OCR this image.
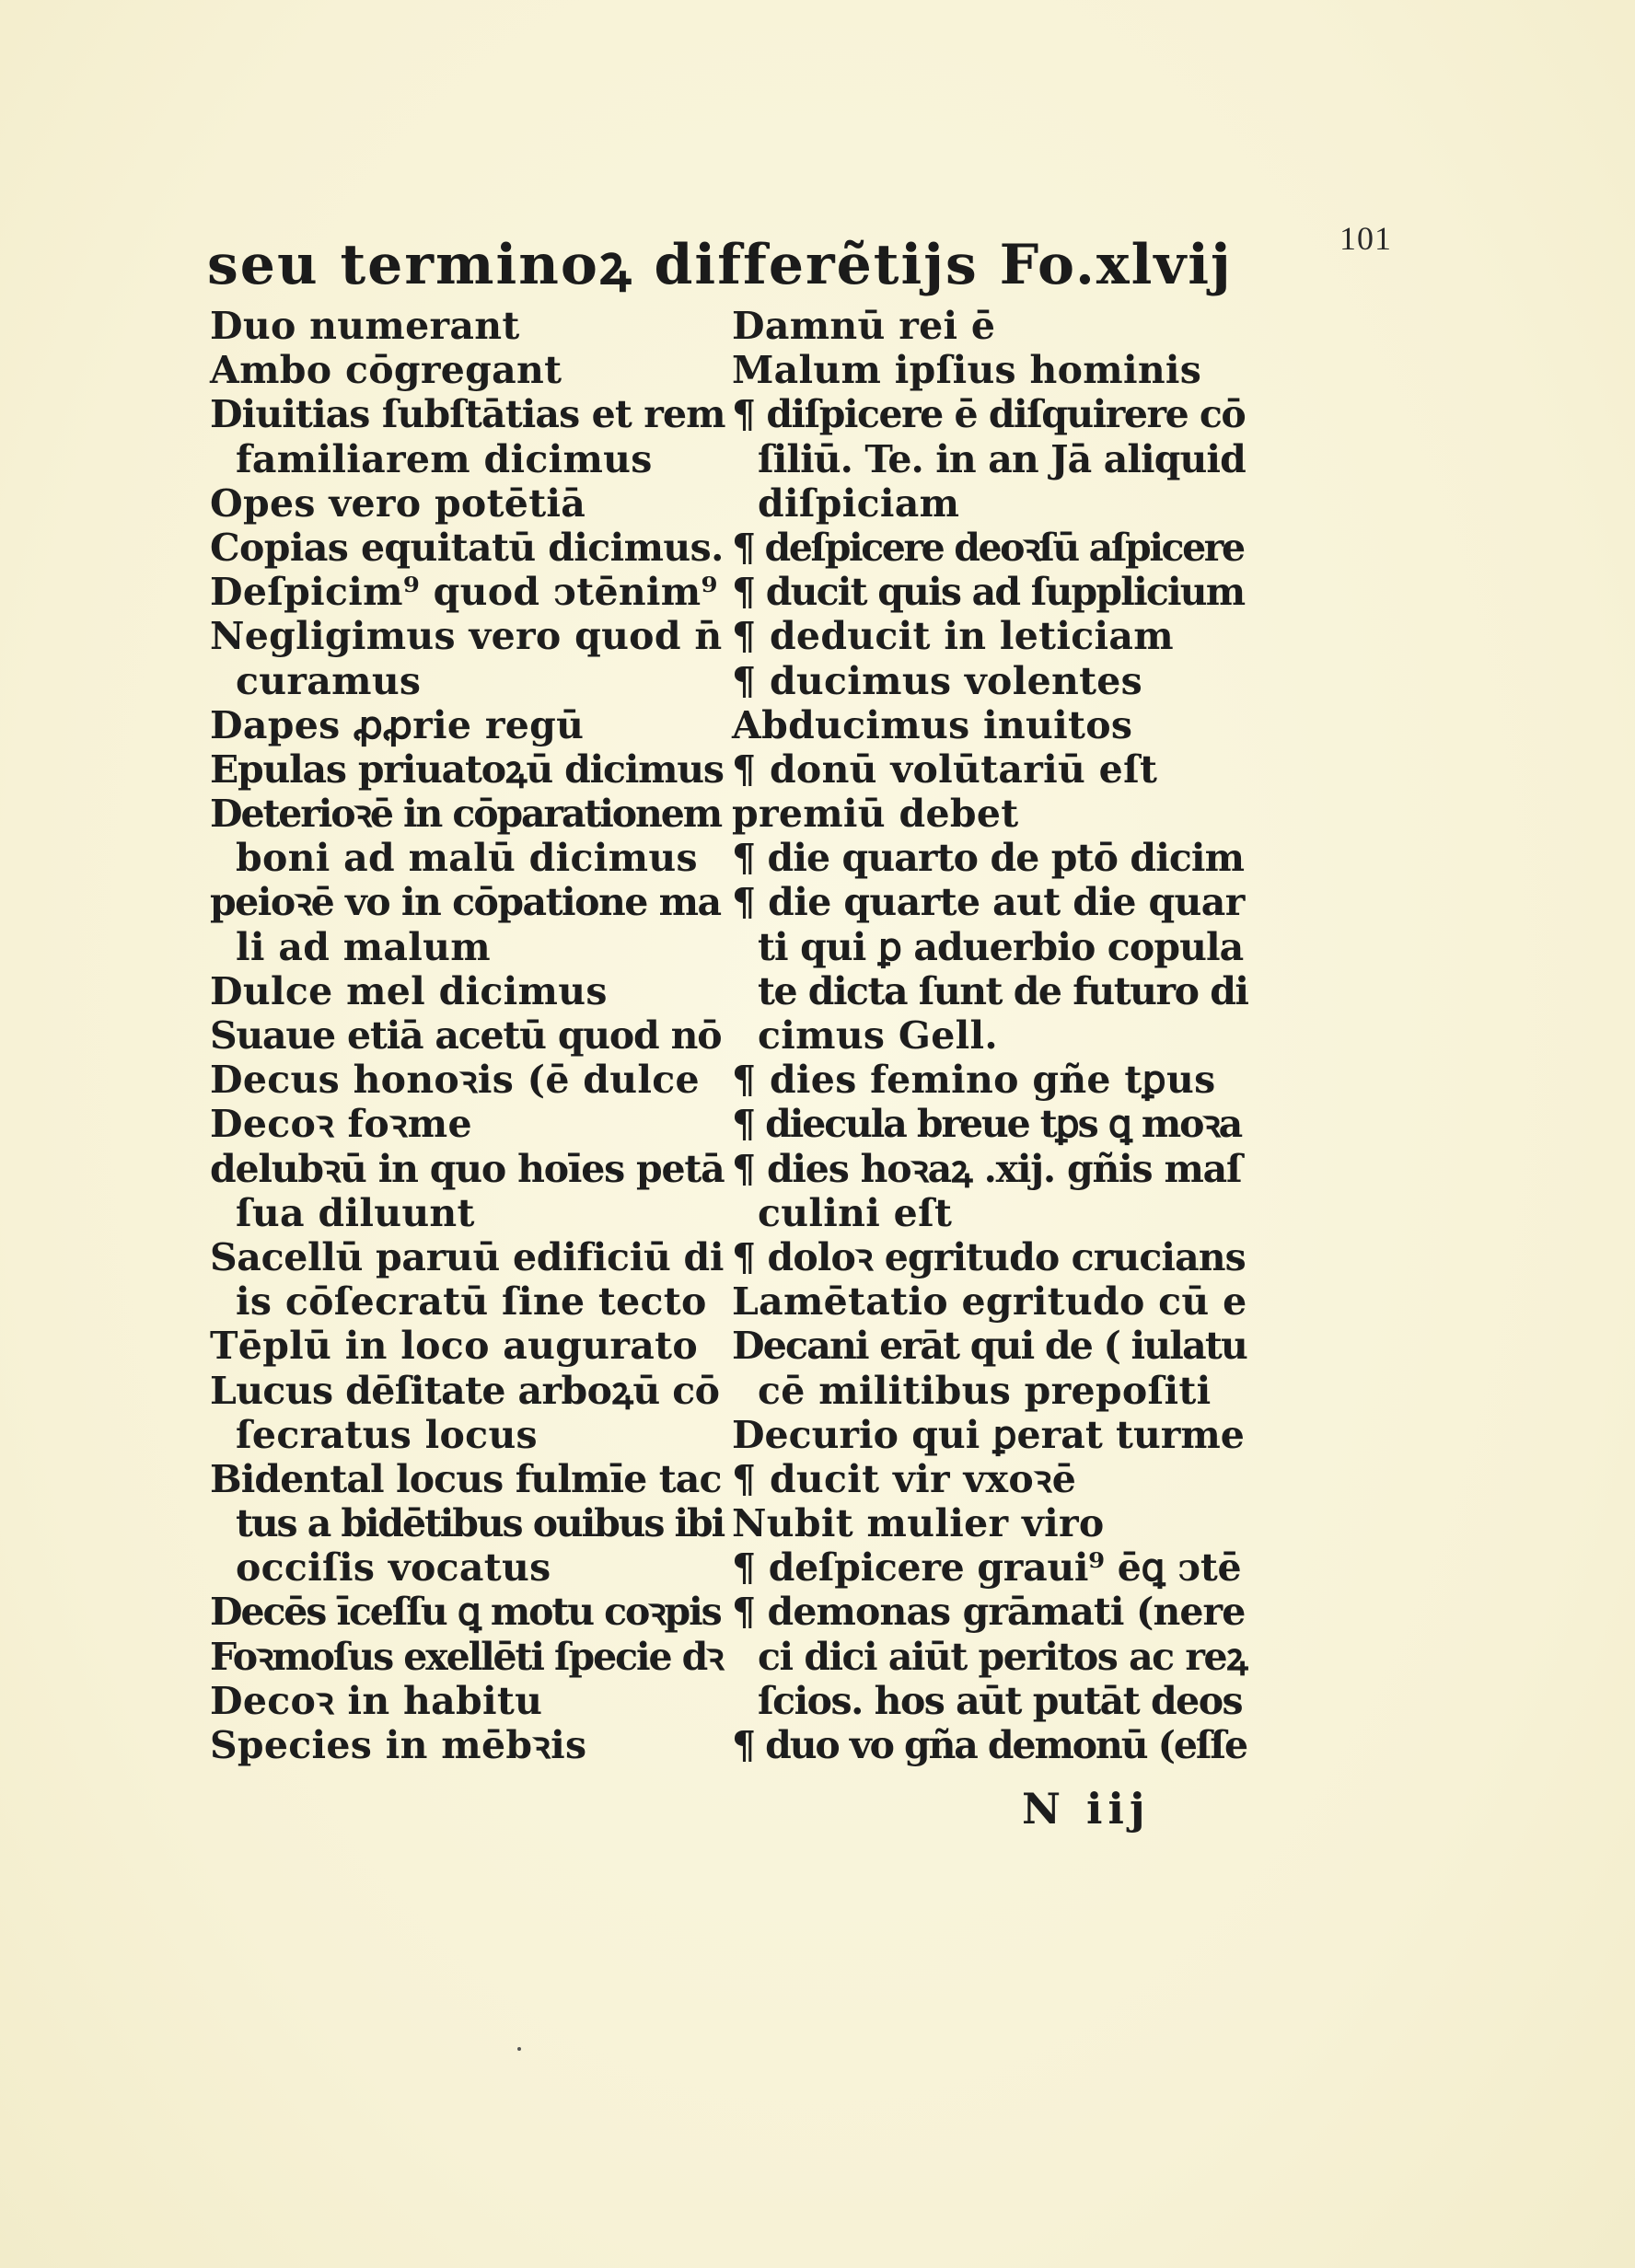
101
seu terminoꝝ differẽtijs Fo.xlvij
Duo numerant
Ambo cōgregant
Diuitias ſubſtātias et rem
familiarem dicimus
Opes vero potētiā
Copias equitatū dicimus.
Deſpicim⁹ quod ↄtēnim⁹
Negligimus vero quod n̄
curamus
Dapes ꝓꝓrie regū
Epulas priuatoꝝū dicimus
Deterioꝛē in cōparationem
boni ad malū dicimus
peioꝛē vo in cōpatione ma
li ad malum
Dulce mel dicimus
Suaue etiā acetū quod nō
Decus honoꝛis (ē dulce
Decoꝛ foꝛme
delubꝛū in quo hoīes petā
ſua diluunt
Sacellū paruū edificiū di
is cōſecratū ſine tecto
Tēplū in loco augurato
Lucus dēſitate arboꝝū cō
ſecratus locus
Bidental locus fulmīe tac
tus a bidētibus ouibus ibi
occiſis vocatus
Decēs īceſſu ꝗ motu coꝛpis
Foꝛmoſus exellēti ſpecie dꝛ
Decoꝛ in habitu
Species in mēbꝛis
Damnū rei ē
Malum ipſius hominis
¶ diſpicere ē diſquirere cō
ſiliū. Te. in an Jā aliquid
diſpiciam
¶ deſpicere deoꝛſū aſpicere
¶ ducit quis ad ſupplicium
¶ deducit in leticiam
¶ ducimus volentes
Abducimus inuitos
¶ donū volūtariū eſt
premiū debet
¶ die quarto de ptō dicim
¶ die quarte aut die quar
ti qui ꝑ aduerbio copula
te dicta ſunt de futuro di
cimus Gell.
¶ dies femino gñe tꝑus
¶ diecula breue tꝑs ꝗ moꝛa
¶ dies hoꝛaꝝ .xij. gñis maſ
culini eſt
¶ doloꝛ egritudo crucians
Lamētatio egritudo cū e
Decani erāt qui de ( iulatu
cē militibus prepoſiti
Decurio qui ꝑerat turme
¶ ducit vir vxoꝛē
Nubit mulier viro
¶ deſpicere graui⁹ ēꝗ ↄtē
¶ demonas grāmati (nere
ci dici aiūt peritos ac reꝝ
ſcios. hos aūt putāt deos
¶ duo vo gña demonū (eſſe
N iij
